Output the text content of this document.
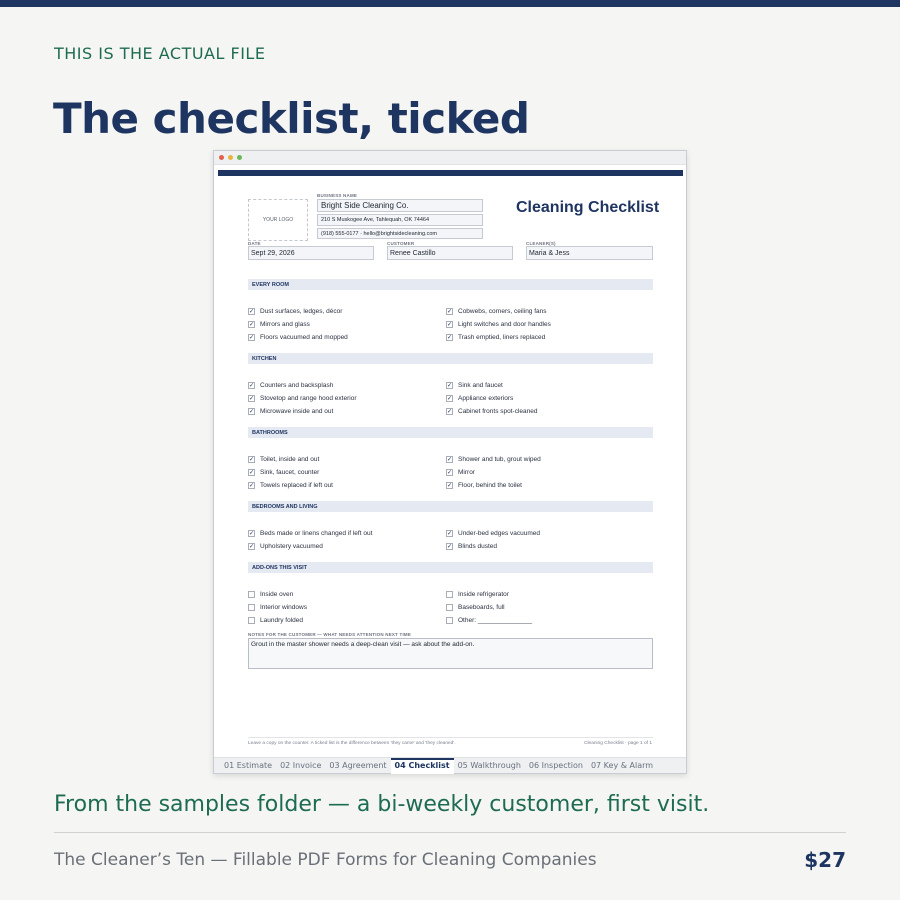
THIS IS THE ACTUAL FILE
The checklist, ticked
YOUR LOGO
BUSINESS NAME
Bright Side Cleaning Co.
210 S Muskogee Ave, Tahlequah, OK 74464
(918) 555-0177 · hello@brightsidecleaning.com
Cleaning Checklist
DATE
Sept 29, 2026
CUSTOMER
Renee Castillo
CLEANER(S)
Maria & Jess
EVERY ROOM
✓ Dust surfaces, ledges, décor
✓ Mirrors and glass
✓ Floors vacuumed and mopped
✓ Cobwebs, corners, ceiling fans
✓ Light switches and door handles
✓ Trash emptied, liners replaced
KITCHEN
✓ Counters and backsplash
✓ Stovetop and range hood exterior
✓ Microwave inside and out
✓ Sink and faucet
✓ Appliance exteriors
✓ Cabinet fronts spot-cleaned
BATHROOMS
✓ Toilet, inside and out
✓ Sink, faucet, counter
✓ Towels replaced if left out
✓ Shower and tub, grout wiped
✓ Mirror
✓ Floor, behind the toilet
BEDROOMS AND LIVING
✓ Beds made or linens changed if left out
✓ Upholstery vacuumed
✓ Under-bed edges vacuumed
✓ Blinds dusted
ADD-ONS THIS VISIT
Inside oven
Interior windows
Laundry folded
Inside refrigerator
Baseboards, full
Other: _______________
NOTES FOR THE CUSTOMER — WHAT NEEDS ATTENTION NEXT TIME
Grout in the master shower needs a deep-clean visit — ask about the add-on.
Leave a copy on the counter. A ticked list is the difference between 'they came' and 'they cleaned'.	Cleaning Checklist · page 1 of 1
01 Estimate	02 Invoice	03 Agreement	04 Checklist	05 Walkthrough	06 Inspection	07 Key & Alarm
From the samples folder — a bi-weekly customer, first visit.
The Cleaner’s Ten — Fillable PDF Forms for Cleaning Companies	$27
